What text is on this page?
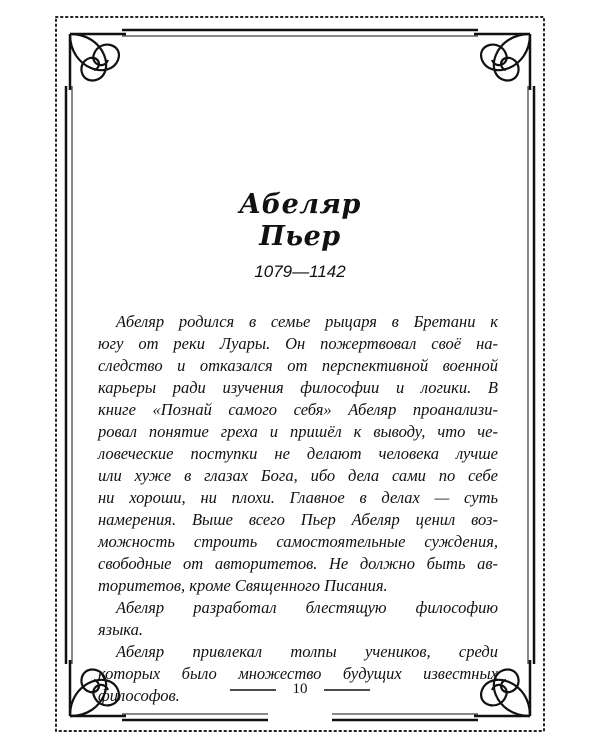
Абеляр
Пьер
1079—1142
Абеляр родился в семье рыцаря в Бретани к
югу от реки Луары. Он пожертвовал своё на-
следство и отказался от перспективной военной
карьеры ради изучения философии и логики. В
книге «Познай самого себя» Абеляр проанализи-
ровал понятие греха и пришёл к выводу, что че-
ловеческие поступки не делают человека лучше
или хуже в глазах Бога, ибо дела сами по себе
ни хороши, ни плохи. Главное в делах — суть
намерения. Выше всего Пьер Абеляр ценил воз-
можность строить самостоятельные суждения,
свободные от авторитетов. Не должно быть ав-
торитетов, кроме Священного Писания.
Абеляр разработал блестящую философию
языка.
Абеляр привлекал толпы учеников, среди
которых было множество будущих известных
философов.	10
